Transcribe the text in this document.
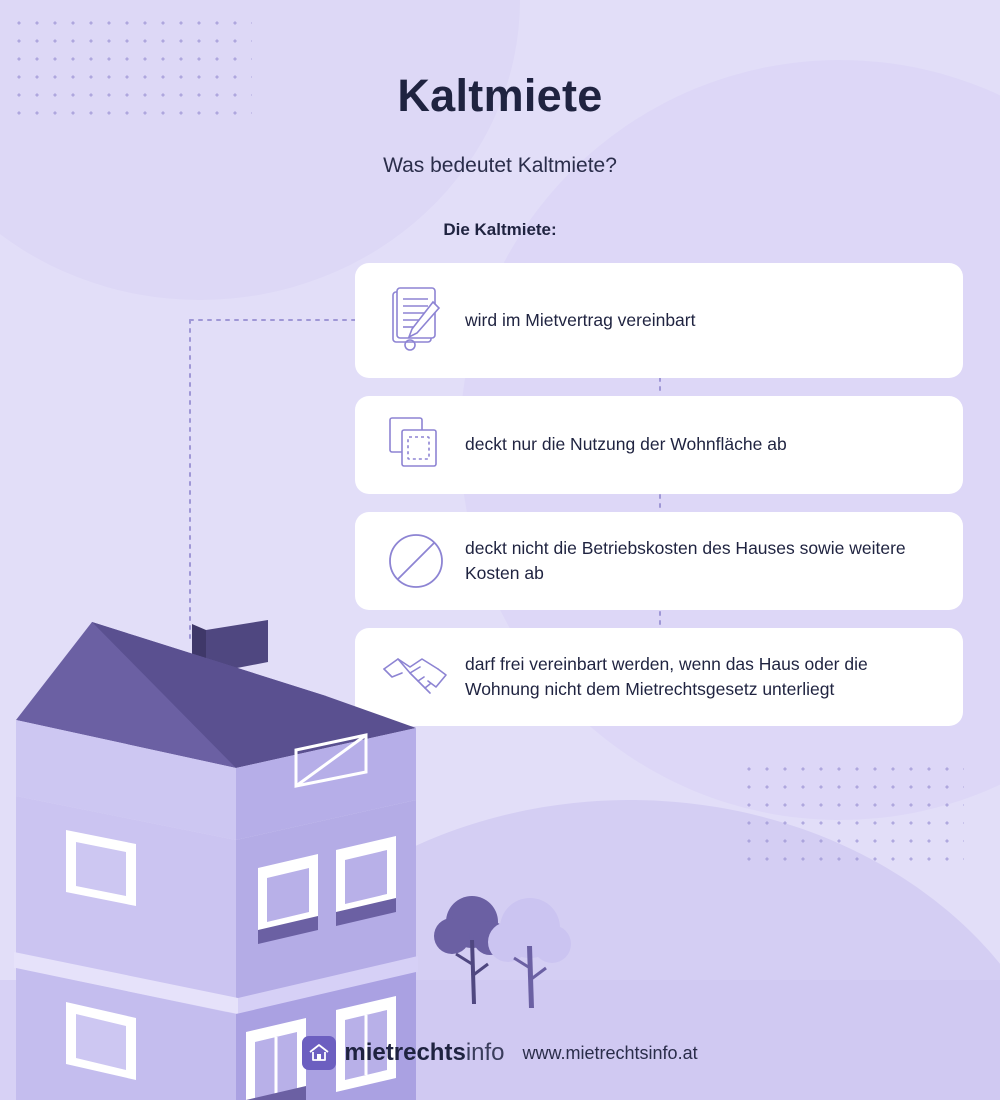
Kaltmiete

Was bedeutet Kaltmiete?

Die Kaltmiete:

wird im Mietvertrag vereinbart
deckt nur die Nutzung der Wohnfläche ab
deckt nicht die Betriebskosten des Hauses sowie weitere Kosten ab
darf frei vereinbart werden, wenn das Haus oder die Wohnung nicht dem Mietrechtsgesetz unterliegt
mietrechtsinfo www.mietrechtsinfo.at
